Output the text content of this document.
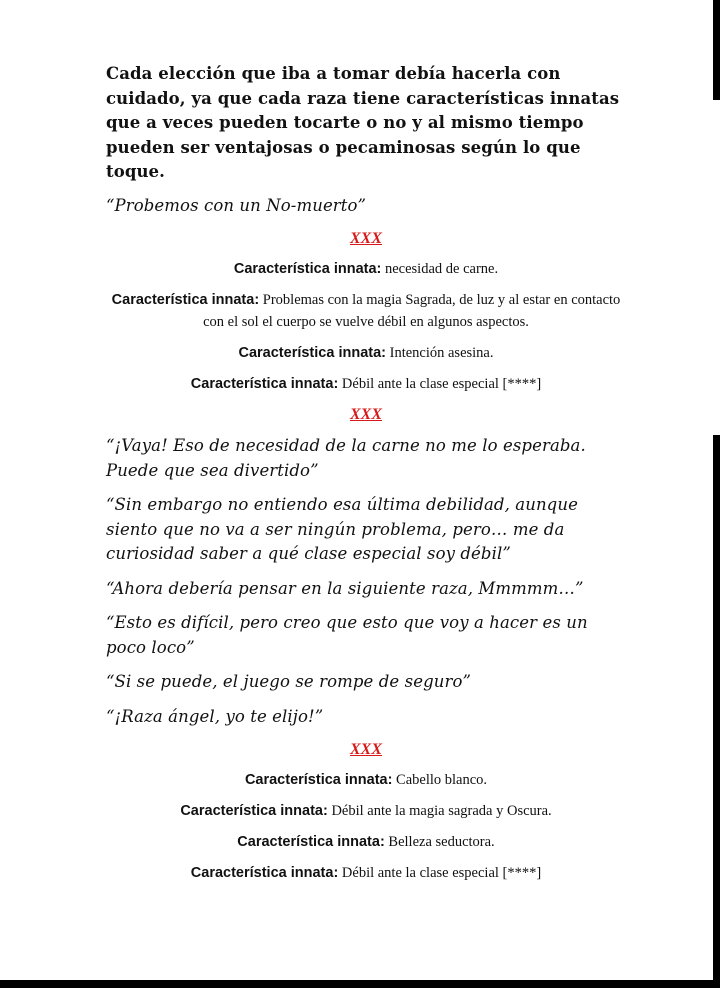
Cada elección que iba a tomar debía hacerla con cuidado, ya que cada raza tiene características innatas que a veces pueden tocarte o no y al mismo tiempo pueden ser ventajosas o pecaminosas según lo que toque.

“Probemos con un No-muerto”

XXX
Característica innata: necesidad de carne.
Característica innata: Problemas con la magia Sagrada, de luz y al estar en contacto con el sol el cuerpo se vuelve débil en algunos aspectos.
Característica innata: Intención asesina.
Característica innata: Débil ante la clase especial [****]
XXX

“¡Vaya! Eso de necesidad de la carne no me lo esperaba. Puede que sea divertido”

“Sin embargo no entiendo esa última debilidad, aunque siento que no va a ser ningún problema, pero… me da curiosidad saber a qué clase especial soy débil”

“Ahora debería pensar en la siguiente raza, Mmmmm…”

“Esto es difícil, pero creo que esto que voy a hacer es un poco loco”

“Si se puede, el juego se rompe de seguro”

“¡Raza ángel, yo te elijo!”

XXX
Característica innata: Cabello blanco.
Característica innata: Débil ante la magia sagrada y Oscura.
Característica innata: Belleza seductora.
Característica innata: Débil ante la clase especial [****]
